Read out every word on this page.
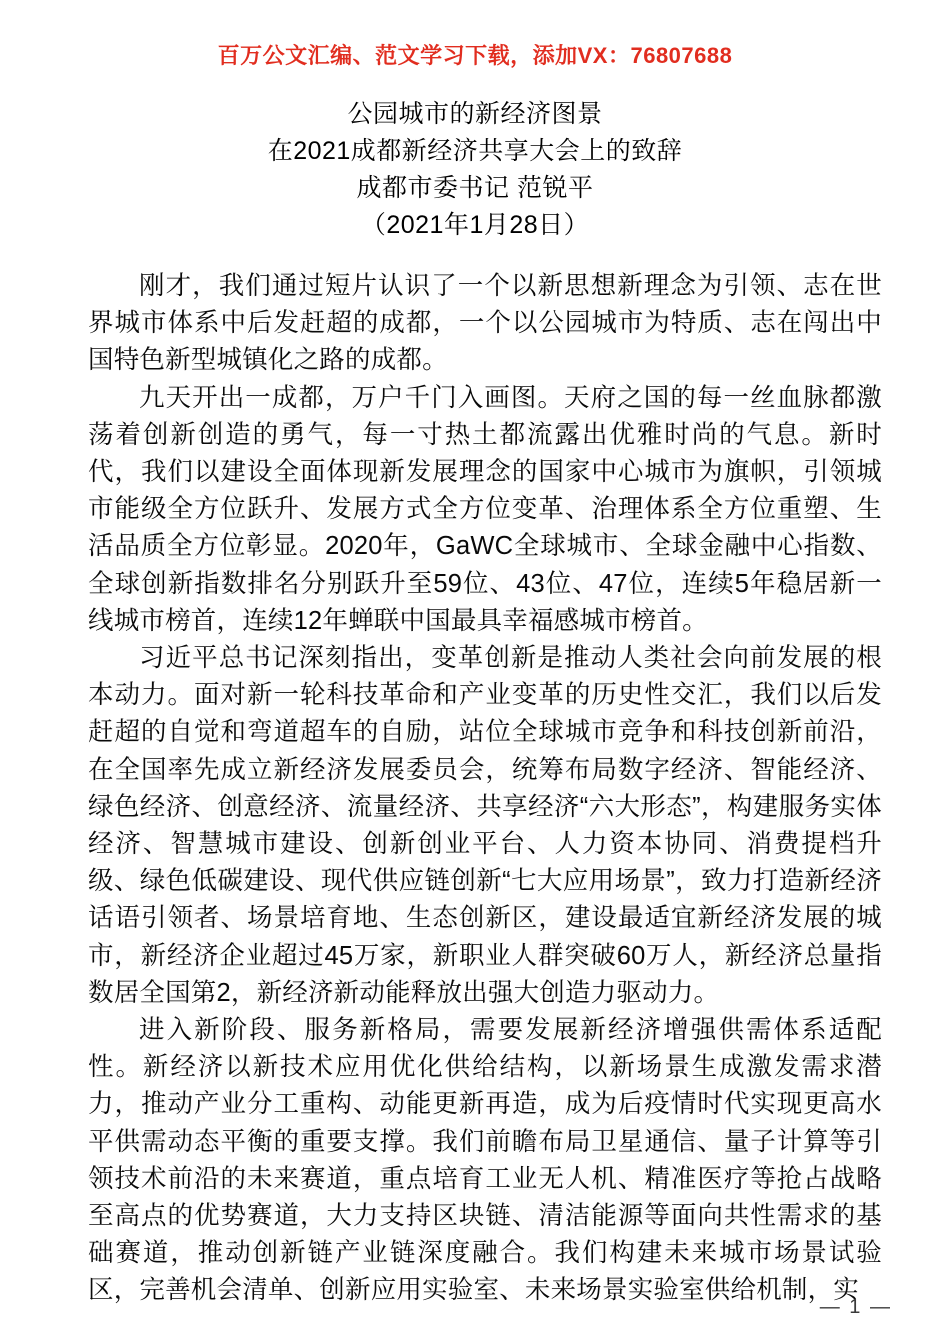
百万公文汇编、范文学习下载，添加VX：76807688
公园城市的新经济图景
在2021成都新经济共享大会上的致辞
成都市委书记 范锐平
（2021年1月28日）

刚才，我们通过短片认识了一个以新思想新理念为引领、志在世界城市体系中后发赶超的成都，一个以公园城市为特质、志在闯出中国特色新型城镇化之路的成都。

九天开出一成都，万户千门入画图。天府之国的每一丝血脉都激荡着创新创造的勇气，每一寸热土都流露出优雅时尚的气息。新时代，我们以建设全面体现新发展理念的国家中心城市为旗帜，引领城市能级全方位跃升、发展方式全方位变革、治理体系全方位重塑、生活品质全方位彰显。2020年，GaWC全球城市、全球金融中心指数、全球创新指数排名分别跃升至59位、43位、47位，连续5年稳居新一线城市榜首，连续12年蝉联中国最具幸福感城市榜首。

习近平总书记深刻指出，变革创新是推动人类社会向前发展的根本动力。面对新一轮科技革命和产业变革的历史性交汇，我们以后发赶超的自觉和弯道超车的自励，站位全球城市竞争和科技创新前沿，在全国率先成立新经济发展委员会，统筹布局数字经济、智能经济、绿色经济、创意经济、流量经济、共享经济“六大形态”，构建服务实体经济、智慧城市建设、创新创业平台、人力资本协同、消费提档升级、绿色低碳建设、现代供应链创新“七大应用场景”，致力打造新经济话语引领者、场景培育地、生态创新区，建设最适宜新经济发展的城市，新经济企业超过45万家，新职业人群突破60万人，新经济总量指数居全国第2，新经济新动能释放出强大创造力驱动力。

进入新阶段、服务新格局，需要发展新经济增强供需体系适配性。新经济以新技术应用优化供给结构，以新场景生成激发需求潜力，推动产业分工重构、动能更新再造，成为后疫情时代实现更高水平供需动态平衡的重要支撑。我们前瞻布局卫星通信、量子计算等引领技术前沿的未来赛道，重点培育工业无人机、精准医疗等抢占战略至高点的优势赛道，大力支持区块链、清洁能源等面向共性需求的基础赛道，推动创新链产业链深度融合。我们构建未来城市场景试验区，完善机会清单、创新应用实验室、未来场景实验室供给机制，实

— 1 —
